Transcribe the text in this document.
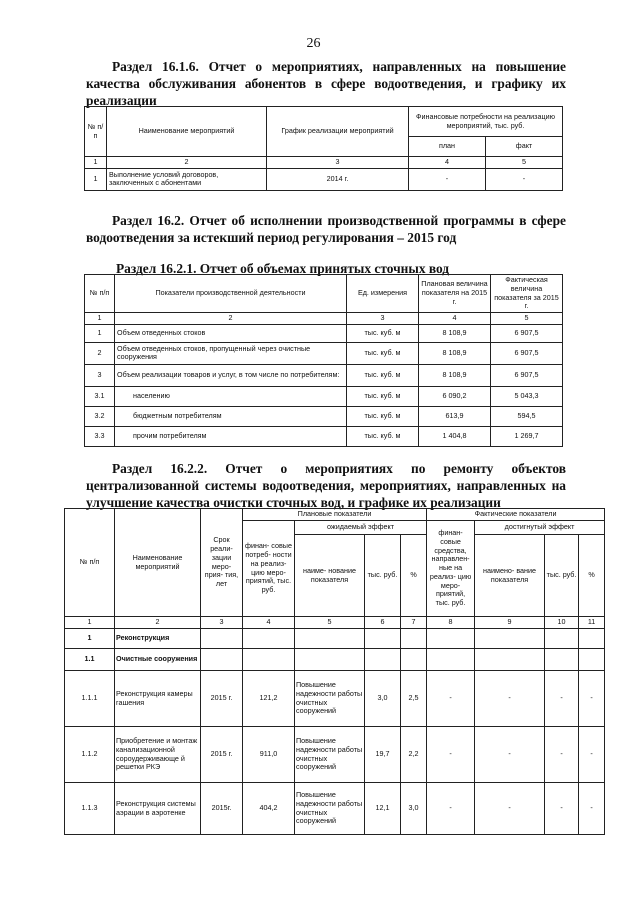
26

Раздел 16.1.6. Отчет о мероприятиях, направленных на повышение качества обслуживания абонентов в сфере водоотведения, и графику их реализации

№ п/п	Наименование мероприятий	График реализации мероприятий	Финансовые потребности на реализацию мероприятий, тыс. руб.	
			план	факт
1	2	3	4	5
1	Выполнение условий договоров, заключенных с абонентами	2014 г.	-	-

Раздел 16.2. Отчет об исполнении производственной программы в сфере водоотведения за истекший период регулирования – 2015 год

Раздел 16.2.1. Отчет об объемах принятых сточных вод

№ п/п	Показатели производственной деятельности	Ед. измерения	Плановая величина показателя на 2015 г.	Фактическая величина показателя за 2015 г.
1	2	3	4	5
1	Объем отведенных стоков	тыс. куб. м	8 108,9	6 907,5
2	Объем отведенных стоков, пропущенный через очистные сооружения	тыс. куб. м	8 108,9	6 907,5
3	Объем реализации товаров и услуг, в том числе по потребителям:	тыс. куб. м	8 108,9	6 907,5
3.1	населению	тыс. куб. м	6 090,2	5 043,3
3.2	бюджетным потребителям	тыс. куб. м	613,9	594,5
3.3	прочим потребителям	тыс. куб. м	1 404,8	1 269,7

Раздел 16.2.2. Отчет о мероприятиях по ремонту объектов централизованной системы водоотведения, мероприятиях, направленных на улучшение качества очистки сточных вод, и графике их реализации

№ п/п	Наименование мероприятий	Срок реали- зации меро- прия- тия, лет	Плановые показатели				Фактические показатели			
			финан- совые потреб- ности на реализ- цию меро- приятий, тыс. руб.	ожидаемый эффект			финан- совые средства, направлен- ные на реализ- цию меро- приятий, тыс. руб.	достигнутый эффект		
				наиме- нование показателя	тыс. руб.	%		наимено- вание показателя	тыс. руб.	%
1	2	3	4	5	6	7	8	9	10	11
1	Реконструкция									
1.1	Очистные сооружения									
1.1.1	Реконструкция камеры гашения	2015 г.	121,2	Повышение надежности работы очистных сооружений	3,0	2,5	-	-	-	-
1.1.2	Приобретение и монтаж канализационной сороудерживающе й решетки РКЭ	2015 г.	911,0	Повышение надежности работы очистных сооружений	19,7	2,2	-	-	-	-
1.1.3	Реконструкция системы аэрации в аэротенке	2015г.	404,2	Повышение надежности работы очистных сооружений	12,1	3,0	-	-	-	-
